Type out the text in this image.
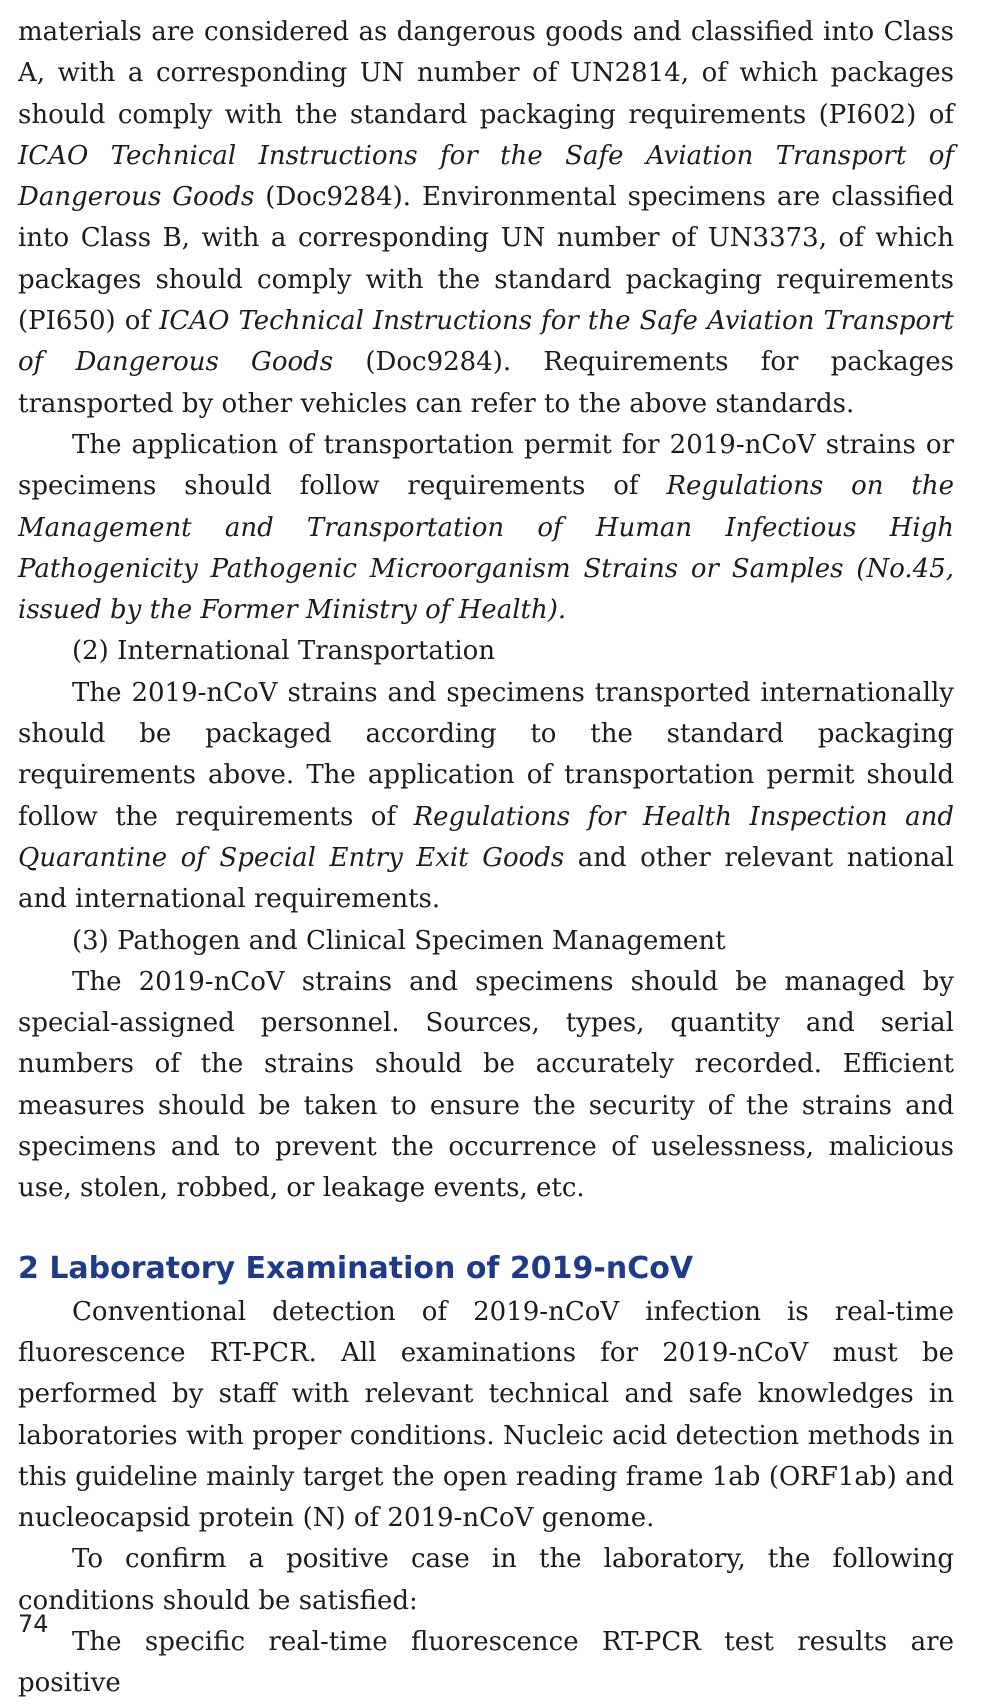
materials are considered as dangerous goods and classified into Class A, with a corresponding UN number of UN2814, of which packages should comply with the standard packaging requirements (PI602) of ICAO Technical Instructions for the Safe Aviation Transport of Dangerous Goods (Doc9284). Environmental specimens are classified into Class B, with a corresponding UN number of UN3373, of which packages should comply with the standard packaging requirements (PI650) of ICAO Technical Instructions for the Safe Aviation Transport of Dangerous Goods (Doc9284). Requirements for packages transported by other vehicles can refer to the above standards.

The application of transportation permit for 2019-nCoV strains or specimens should follow requirements of Regulations on the Management and Transportation of Human Infectious High Pathogenicity Pathogenic Microorganism Strains or Samples (No.45, issued by the Former Ministry of Health).

(2) International Transportation

The 2019-nCoV strains and specimens transported internationally should be packaged according to the standard packaging requirements above. The application of transportation permit should follow the requirements of Regulations for Health Inspection and Quarantine of Special Entry Exit Goods and other relevant national and international requirements.

(3) Pathogen and Clinical Specimen Management

The 2019-nCoV strains and specimens should be managed by special-assigned personnel. Sources, types, quantity and serial numbers of the strains should be accurately recorded. Efficient measures should be taken to ensure the security of the strains and specimens and to prevent the occurrence of uselessness, malicious use, stolen, robbed, or leakage events, etc.

2 Laboratory Examination of 2019-nCoV

Conventional detection of 2019-nCoV infection is real-time fluorescence RT-PCR. All examinations for 2019-nCoV must be performed by staff with relevant technical and safe knowledges in laboratories with proper conditions. Nucleic acid detection methods in this guideline mainly target the open reading frame 1ab (ORF1ab) and nucleocapsid protein (N) of 2019-nCoV genome.

To confirm a positive case in the laboratory, the following conditions should be satisfied:

The specific real-time fluorescence RT-PCR test results are positive

74
